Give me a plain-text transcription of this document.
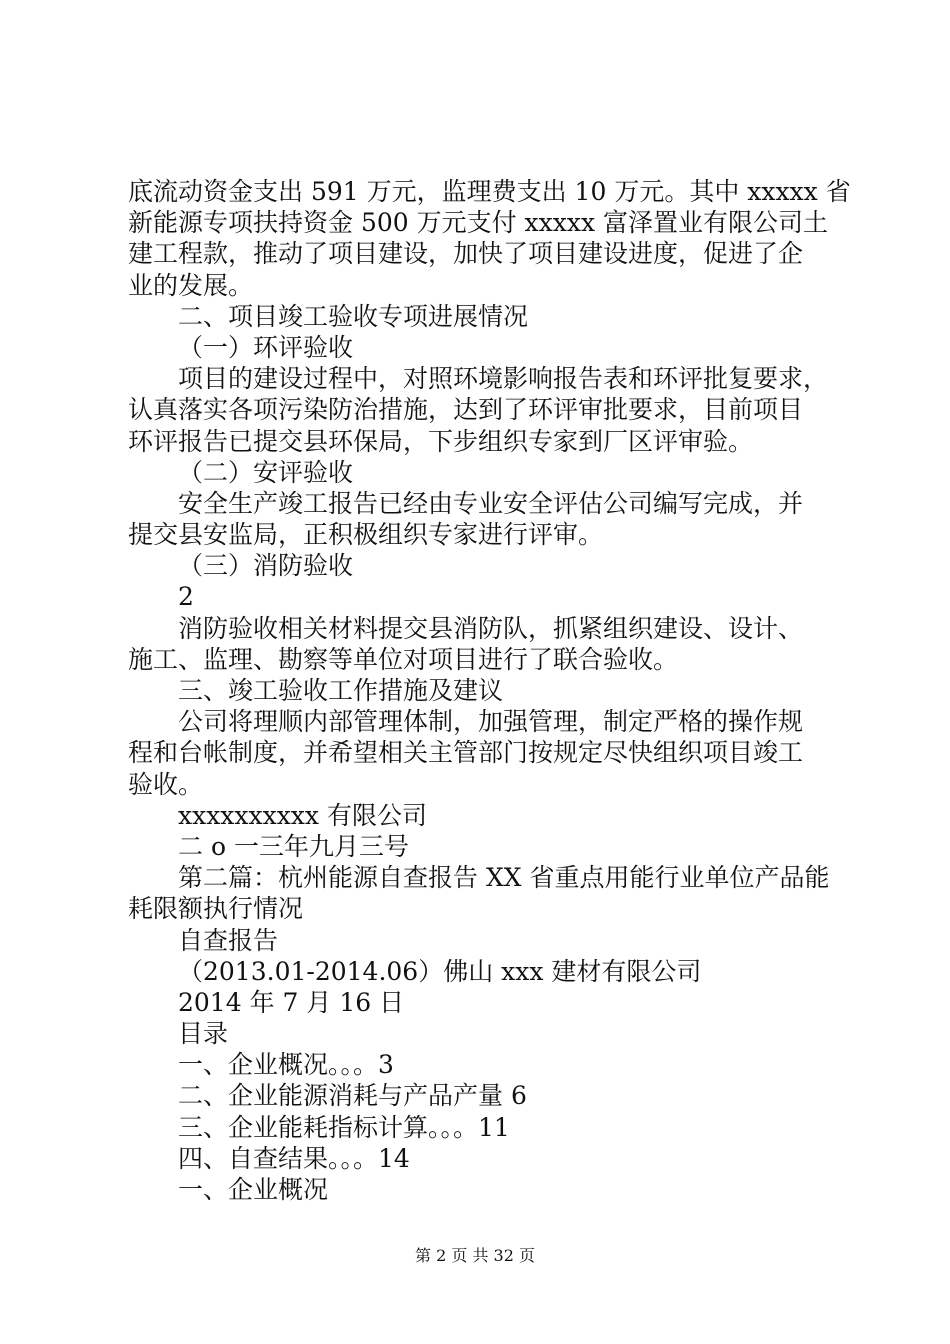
底流动资金支出 591 万元，监理费支出 10 万元。其中 xxxxx 省
新能源专项扶持资金 500 万元支付 xxxxx 富泽置业有限公司土
建工程款，推动了项目建设，加快了项目建设进度，促进了企
业的发展。
二、项目竣工验收专项进展情况
（一）环评验收
项目的建设过程中，对照环境影响报告表和环评批复要求，
认真落实各项污染防治措施，达到了环评审批要求，目前项目
环评报告已提交县环保局，下步组织专家到厂区评审验。
（二）安评验收
安全生产竣工报告已经由专业安全评估公司编写完成，并
提交县安监局，正积极组织专家进行评审。
（三）消防验收
2
消防验收相关材料提交县消防队，抓紧组织建设、设计、
施工、监理、勘察等单位对项目进行了联合验收。
三、竣工验收工作措施及建议
公司将理顺内部管理体制，加强管理，制定严格的操作规
程和台帐制度，并希望相关主管部门按规定尽快组织项目竣工
验收。
xxxxxxxxxx 有限公司
二 o 一三年九月三号
第二篇：杭州能源自查报告 XX 省重点用能行业单位产品能
耗限额执行情况
自查报告
（2013.01-2014.06）佛山 xxx 建材有限公司
2014 年 7 月 16 日
目录
一、企业概况。。。3
二、企业能源消耗与产品产量 6
三、企业能耗指标计算。。。11
四、自查结果。。。14
一、企业概况
第 2 页 共 32 页
